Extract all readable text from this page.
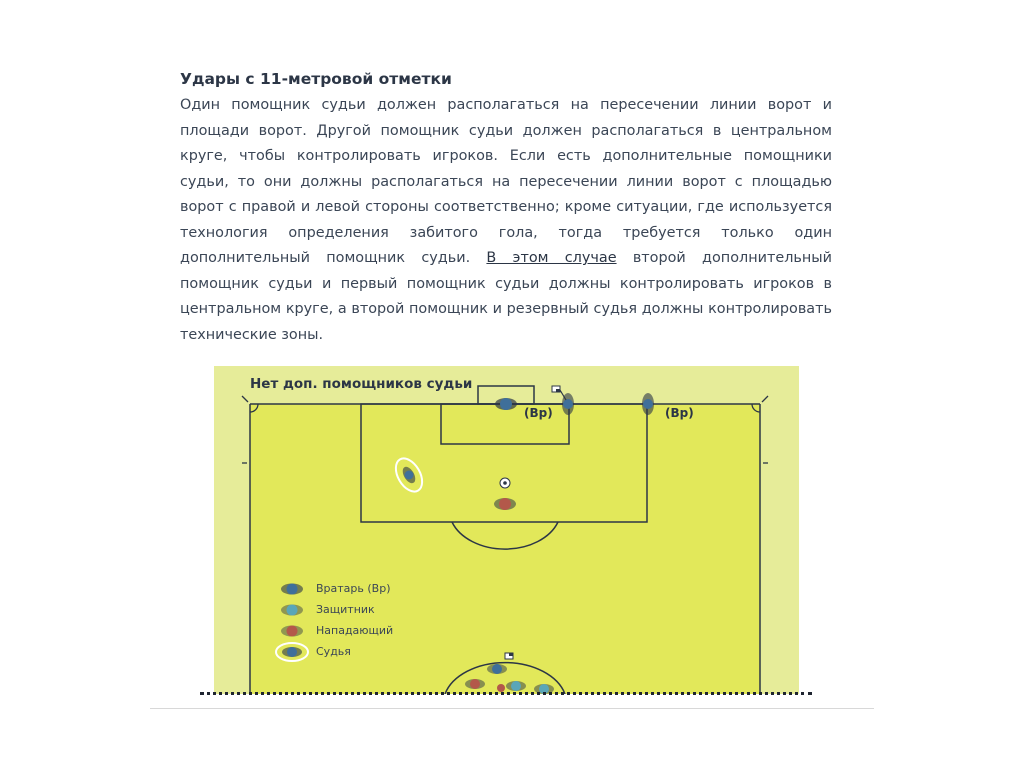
Удары с 11-метровой отметки

Один помощник судьи должен располагаться на пересечении линии ворот и площади ворот. Другой помощник судьи должен располагаться в центральном круге, чтобы контролировать игроков. Если есть дополнительные помощники судьи, то они должны располагаться на пересечении линии ворот с площадью ворот с правой и левой стороны соответственно; кроме ситуации, где используется технология определения забитого гола, тогда требуется только один дополнительный помощник судьи. В этом случае второй дополнительный помощник судьи и первый помощник судьи должны контролировать игроков в центральном круге, а второй помощник и резервный судья должны контролировать технические зоны.

Нет доп. помощников судьи
(Вр)	(Вр)
Вратарь (Вр)
Защитник
Нападающий
Судья
